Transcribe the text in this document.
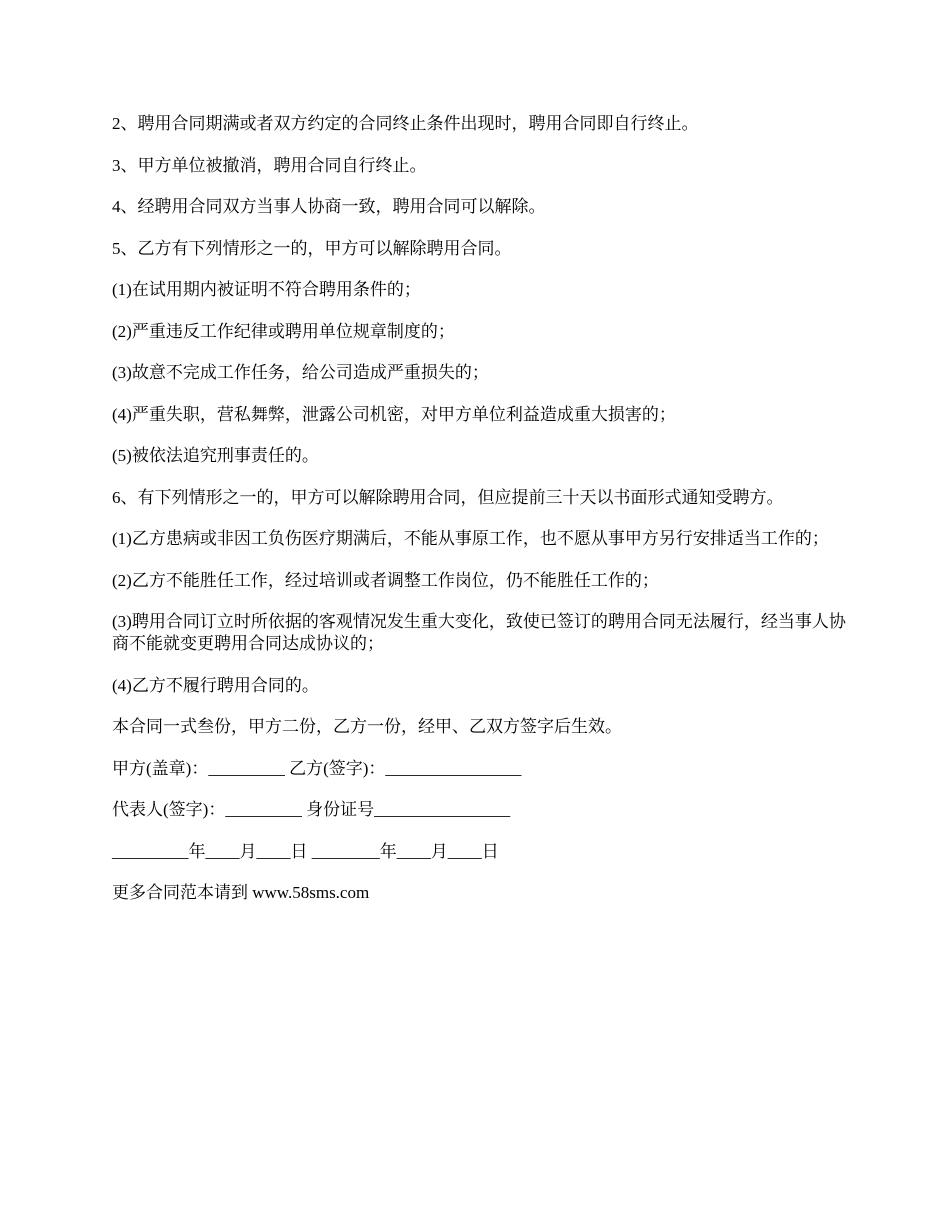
2、聘用合同期满或者双方约定的合同终止条件出现时，聘用合同即自行终止。

3、甲方单位被撤消，聘用合同自行终止。

4、经聘用合同双方当事人协商一致，聘用合同可以解除。

5、乙方有下列情形之一的，甲方可以解除聘用合同。

(1)在试用期内被证明不符合聘用条件的；

(2)严重违反工作纪律或聘用单位规章制度的；

(3)故意不完成工作任务，给公司造成严重损失的；

(4)严重失职，营私舞弊，泄露公司机密，对甲方单位利益造成重大损害的；

(5)被依法追究刑事责任的。

6、有下列情形之一的，甲方可以解除聘用合同，但应提前三十天以书面形式通知受聘方。

(1)乙方患病或非因工负伤医疗期满后，不能从事原工作，也不愿从事甲方另行安排适当工作的；

(2)乙方不能胜任工作，经过培训或者调整工作岗位，仍不能胜任工作的；

(3)聘用合同订立时所依据的客观情况发生重大变化，致使已签订的聘用合同无法履行，经当事人协商不能就变更聘用合同达成协议的；

(4)乙方不履行聘用合同的。

本合同一式叁份，甲方二份，乙方一份，经甲、乙双方签字后生效。

甲方(盖章)：_________ 乙方(签字)：________________

代表人(签字)：_________ 身份证号________________

_________年____月____日 ________年____月____日

更多合同范本请到 www.58sms.com
